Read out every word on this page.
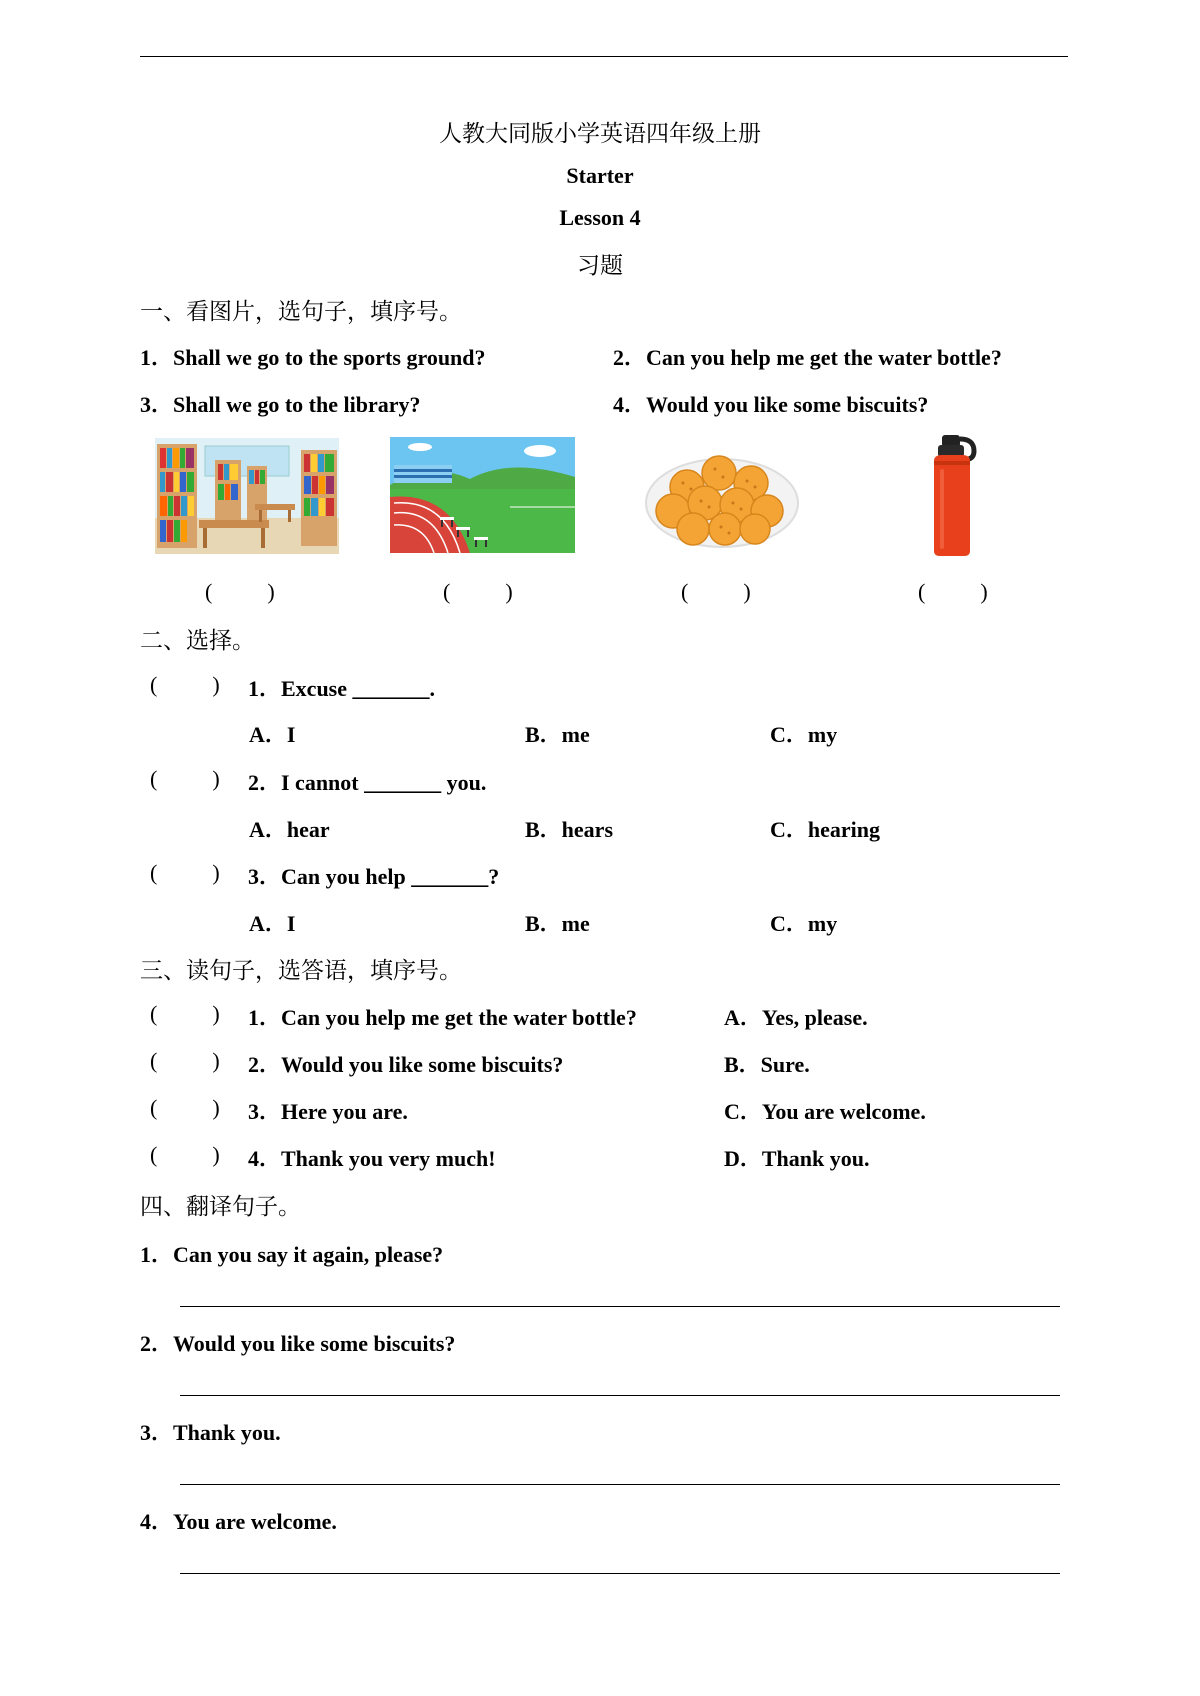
人教大同版小学英语四年级上册
Starter
Lesson 4
习题
一、看图片，选句子，填序号。
1．Shall we go to the sports ground?	2．Can you help me get the water bottle?
3．Shall we go to the library?	4．Would you like some biscuits?
(          )	(          )	(          )	(          )
二、选择。
(          ) 1．Excuse _______.
A．I	B．me	C．my
(          ) 2．I cannot _______ you.
A．hear	B．hears	C．hearing
(          ) 3．Can you help _______?
A．I	B．me	C．my
三、读句子，选答语，填序号。
(          ) 1．Can you help me get the water bottle?	A．Yes, please.
(          ) 2．Would you like some biscuits?	B．Sure.
(          ) 3．Here you are.	C．You are welcome.
(          ) 4．Thank you very much!	D．Thank you.
四、翻译句子。
1．Can you say it again, please?
2．Would you like some biscuits?
3．Thank you.
4．You are welcome.
